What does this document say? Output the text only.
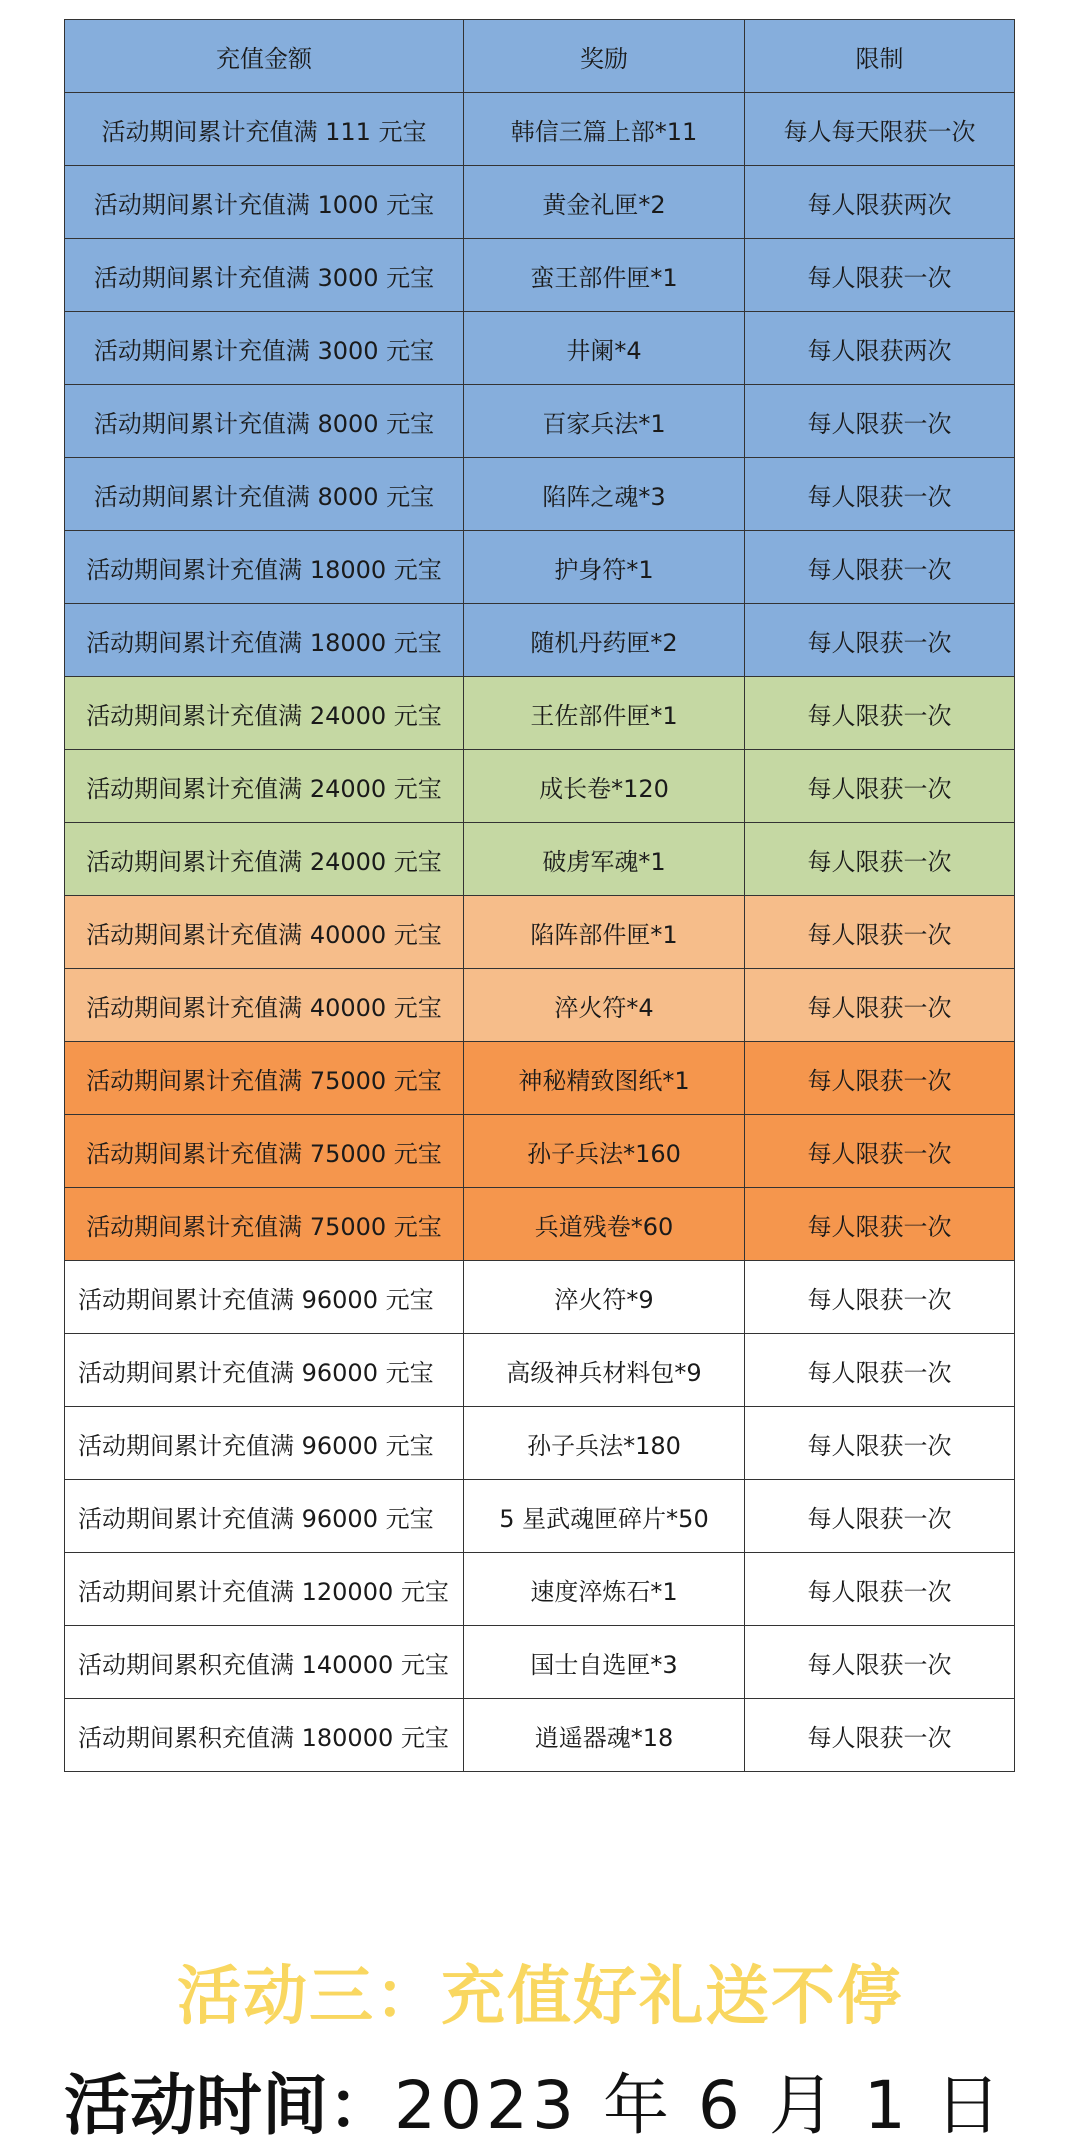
充值金额	奖励	限制
活动期间累计充值满 111 元宝	韩信三篇上部*11	每人每天限获一次
活动期间累计充值满 1000 元宝	黄金礼匣*2	每人限获两次
活动期间累计充值满 3000 元宝	蛮王部件匣*1	每人限获一次
活动期间累计充值满 3000 元宝	井阑*4	每人限获两次
活动期间累计充值满 8000 元宝	百家兵法*1	每人限获一次
活动期间累计充值满 8000 元宝	陷阵之魂*3	每人限获一次
活动期间累计充值满 18000 元宝	护身符*1	每人限获一次
活动期间累计充值满 18000 元宝	随机丹药匣*2	每人限获一次
活动期间累计充值满 24000 元宝	王佐部件匣*1	每人限获一次
活动期间累计充值满 24000 元宝	成长卷*120	每人限获一次
活动期间累计充值满 24000 元宝	破虏军魂*1	每人限获一次
活动期间累计充值满 40000 元宝	陷阵部件匣*1	每人限获一次
活动期间累计充值满 40000 元宝	淬火符*4	每人限获一次
活动期间累计充值满 75000 元宝	神秘精致图纸*1	每人限获一次
活动期间累计充值满 75000 元宝	孙子兵法*160	每人限获一次
活动期间累计充值满 75000 元宝	兵道残卷*60	每人限获一次
活动期间累计充值满 96000 元宝	淬火符*9	每人限获一次
活动期间累计充值满 96000 元宝	高级神兵材料包*9	每人限获一次
活动期间累计充值满 96000 元宝	孙子兵法*180	每人限获一次
活动期间累计充值满 96000 元宝	5 星武魂匣碎片*50	每人限获一次
活动期间累计充值满 120000 元宝	速度淬炼石*1	每人限获一次
活动期间累积充值满 140000 元宝	国士自选匣*3	每人限获一次
活动期间累积充值满 180000 元宝	逍遥器魂*18	每人限获一次
活动三：充值好礼送不停
活动时间：2023 年 6 月 1 日
